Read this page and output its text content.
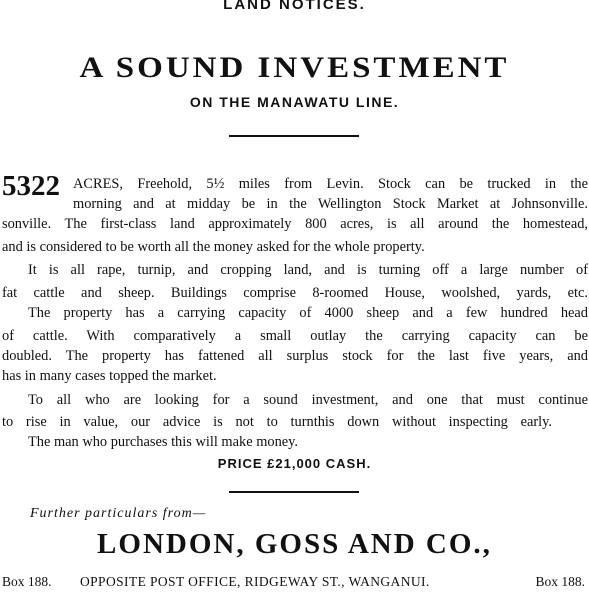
LAND NOTICES.
A SOUND INVESTMENT
ON THE MANAWATU LINE.
5322 ACRES, Freehold, 5½ miles from Levin. Stock can be trucked in the
morning and at midday be in the Wellington Stock Market at Johnsonville.
sonville. The first-class land approximately 800 acres, is all around the homestead,
and is considered to be worth all the money asked for the whole property.
It is all rape, turnip, and cropping land, and is turning off a large number of
fat cattle and sheep. Buildings comprise 8-roomed House, woolshed, yards, etc.
The property has a carrying capacity of 4000 sheep and a few hundred head
of cattle. With comparatively a small outlay the carrying capacity can be
doubled. The property has fattened all surplus stock for the last five years, and
has in many cases topped the market.
To all who are looking for a sound investment, and one that must continue
to rise in value, our advice is not to turnthis down without inspecting early.
The man who purchases this will make money.
PRICE £21,000 CASH.
Further particulars from—
LONDON, GOSS AND CO.,
Box 188. OPPOSITE POST OFFICE, RIDGEWAY ST., WANGANUI.	Box 188.
